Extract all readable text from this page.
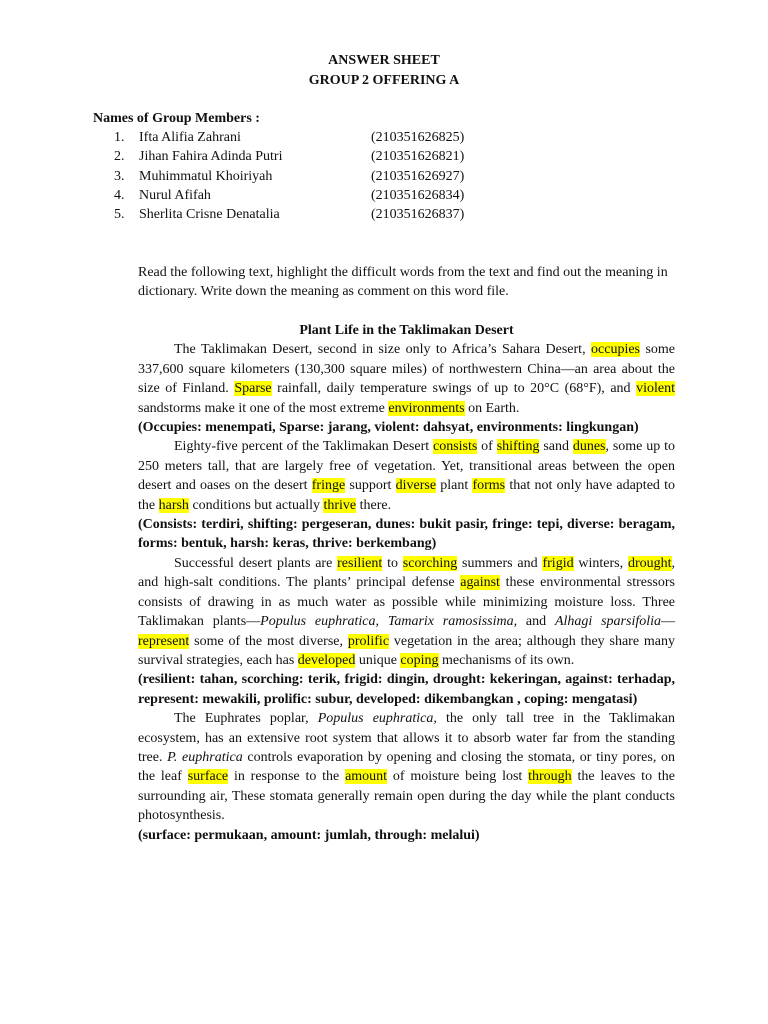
ANSWER SHEET
GROUP 2 OFFERING A
Names of Group Members :
1. Ifta Alifia Zahrani	(210351626825)
2. Jihan Fahira Adinda Putri	(210351626821)
3. Muhimmatul Khoiriyah	(210351626927)
4. Nurul Afifah	(210351626834)
5. Sherlita Crisne Denatalia	(210351626837)
Read the following text, highlight the difficult words from the text and find out the meaning in dictionary. Write down the meaning as comment on this word file.
Plant Life in the Taklimakan Desert

The Taklimakan Desert, second in size only to Africa’s Sahara Desert, occupies some 337,600 square kilometers (130,300 square miles) of northwestern China—an area about the size of Finland. Sparse rainfall, daily temperature swings of up to 20°C (68°F), and violent sandstorms make it one of the most extreme environments on Earth.

(Occupies: menempati, Sparse: jarang, violent: dahsyat, environments: lingkungan)

Eighty-five percent of the Taklimakan Desert consists of shifting sand dunes, some up to 250 meters tall, that are largely free of vegetation. Yet, transitional areas between the open desert and oases on the desert fringe support diverse plant forms that not only have adapted to the harsh conditions but actually thrive there.

(Consists: terdiri, shifting: pergeseran, dunes: bukit pasir, fringe: tepi, diverse: beragam, forms: bentuk, harsh: keras, thrive: berkembang)

Successful desert plants are resilient to scorching summers and frigid winters, drought, and high-salt conditions. The plants’ principal defense against these environmental stressors consists of drawing in as much water as possible while minimizing moisture loss. Three Taklimakan plants—Populus euphratica, Tamarix ramosissima, and Alhagi sparsifolia—represent some of the most diverse, prolific vegetation in the area; although they share many survival strategies, each has developed unique coping mechanisms of its own.

(resilient: tahan, scorching: terik, frigid: dingin, drought: kekeringan, against: terhadap, represent: mewakili, prolific: subur, developed: dikembangkan , coping: mengatasi)

The Euphrates poplar, Populus euphratica, the only tall tree in the Taklimakan ecosystem, has an extensive root system that allows it to absorb water far from the standing tree. P. euphratica controls evaporation by opening and closing the stomata, or tiny pores, on the leaf surface in response to the amount of moisture being lost through the leaves to the surrounding air, These stomata generally remain open during the day while the plant conducts photosynthesis.

(surface: permukaan, amount: jumlah, through: melalui)
